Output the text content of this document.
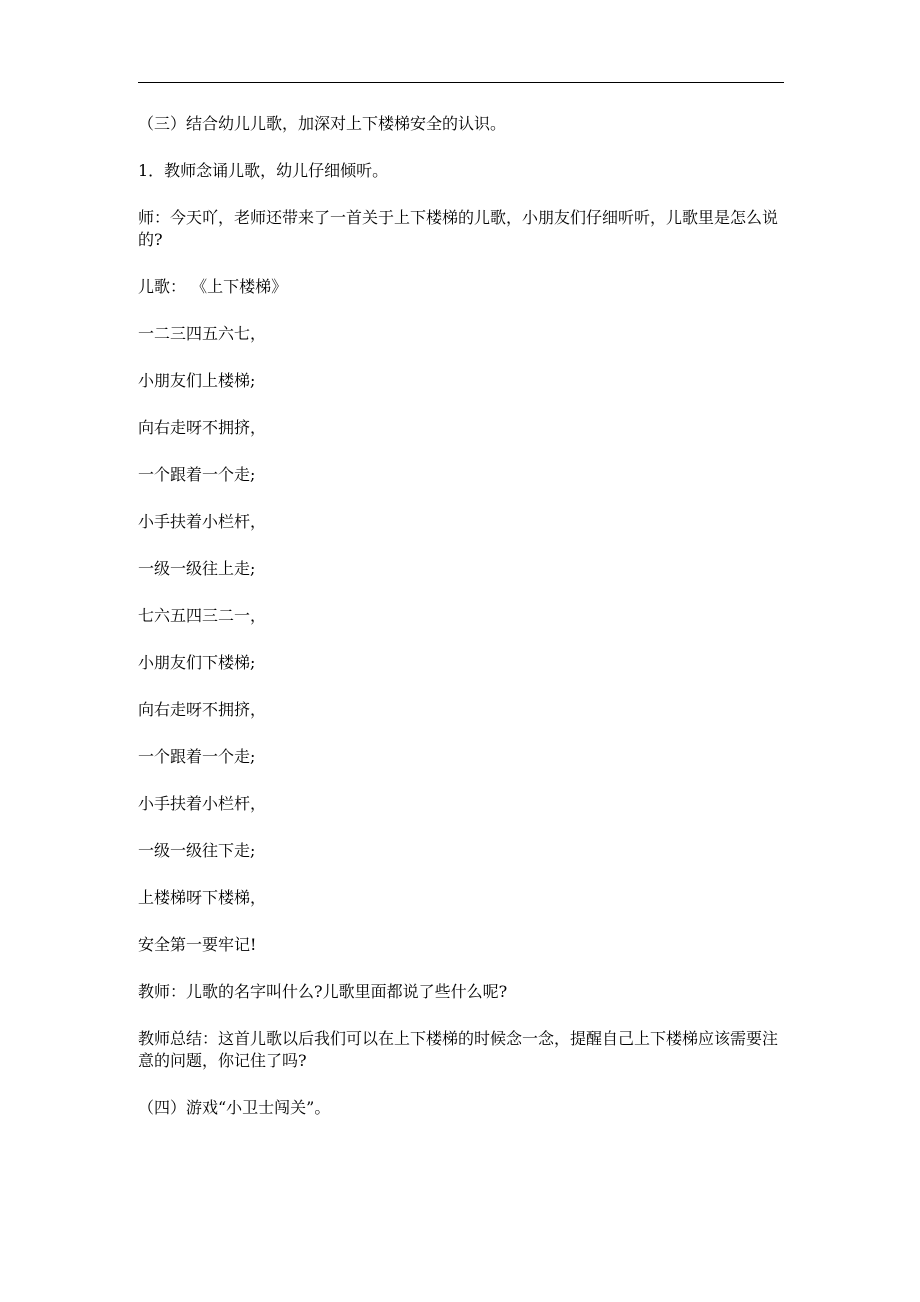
（三）结合幼儿儿歌，加深对上下楼梯安全的认识。

1．教师念诵儿歌，幼儿仔细倾听。

师：今天吖，老师还带来了一首关于上下楼梯的儿歌，小朋友们仔细听听，儿歌里是怎么说的?

儿歌： 《上下楼梯》

一二三四五六七，

小朋友们上楼梯;

向右走呀不拥挤，

一个跟着一个走;

小手扶着小栏杆，

一级一级往上走;

七六五四三二一，

小朋友们下楼梯;

向右走呀不拥挤，

一个跟着一个走;

小手扶着小栏杆，

一级一级往下走;

上楼梯呀下楼梯，

安全第一要牢记!

教师：儿歌的名字叫什么?儿歌里面都说了些什么呢?

教师总结：这首儿歌以后我们可以在上下楼梯的时候念一念，提醒自己上下楼梯应该需要注意的问题，你记住了吗?

（四）游戏“小卫士闯关”。
